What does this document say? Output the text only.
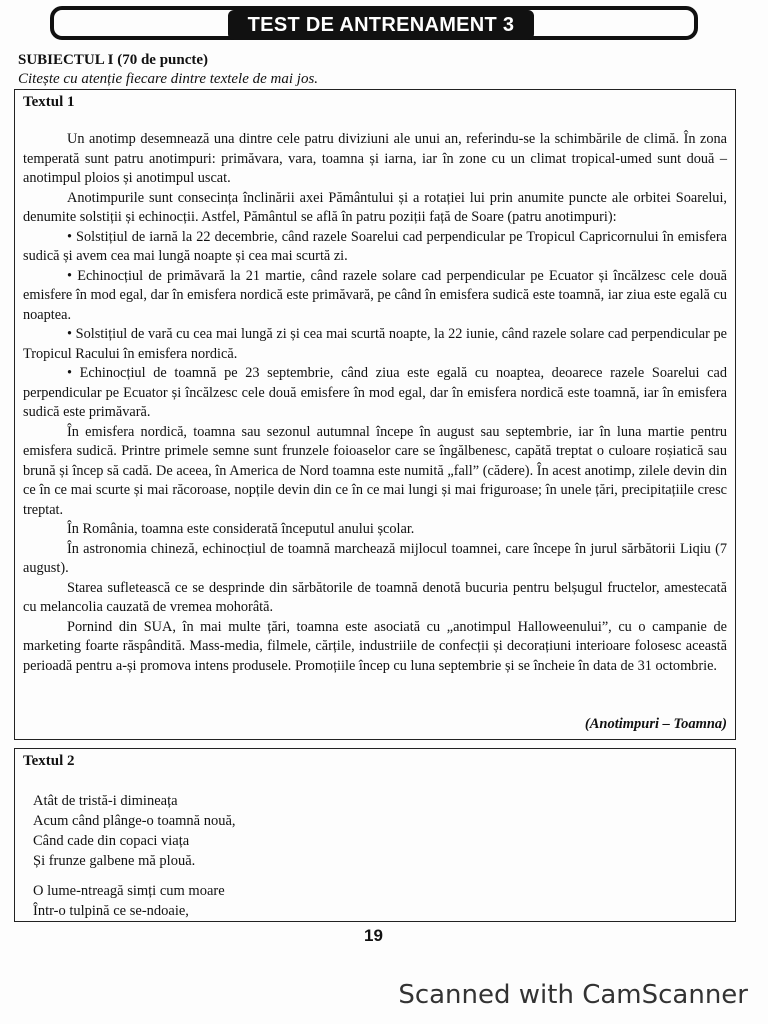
TEST DE ANTRENAMENT 3
SUBIECTUL I (70 de puncte)
Citește cu atenție fiecare dintre textele de mai jos.
Textul 1

Un anotimp desemnează una dintre cele patru diviziuni ale unui an, referindu-se la schimbările de climă. În zona temperată sunt patru anotimpuri: primăvara, vara, toamna și iarna, iar în zone cu un climat tropical-umed sunt două – anotimpul ploios și anotimpul uscat.

Anotimpurile sunt consecința înclinării axei Pământului și a rotației lui prin anumite puncte ale orbitei Soarelui, denumite solstiții și echinocții. Astfel, Pământul se află în patru poziții față de Soare (patru anotimpuri):

• Solstițiul de iarnă la 22 decembrie, când razele Soarelui cad perpendicular pe Tropicul Capricornului în emisfera sudică și avem cea mai lungă noapte și cea mai scurtă zi.

• Echinocțiul de primăvară la 21 martie, când razele solare cad perpendicular pe Ecuator și încălzesc cele două emisfere în mod egal, dar în emisfera nordică este primăvară, pe când în emisfera sudică este toamnă, iar ziua este egală cu noaptea.

• Solstițiul de vară cu cea mai lungă zi și cea mai scurtă noapte, la 22 iunie, când razele solare cad perpendicular pe Tropicul Racului în emisfera nordică.

• Echinocțiul de toamnă pe 23 septembrie, când ziua este egală cu noaptea, deoarece razele Soarelui cad perpendicular pe Ecuator și încălzesc cele două emisfere în mod egal, dar în emisfera nordică este toamnă, iar în emisfera sudică este primăvară.

În emisfera nordică, toamna sau sezonul autumnal începe în august sau septembrie, iar în luna martie pentru emisfera sudică. Printre primele semne sunt frunzele foioaselor care se îngălbenesc, capătă treptat o culoare roșiatică sau brună și încep să cadă. De aceea, în America de Nord toamna este numită „fall” (cădere). În acest anotimp, zilele devin din ce în ce mai scurte și mai răcoroase, nopțile devin din ce în ce mai lungi și mai friguroase; în unele țări, precipitațiile cresc treptat.

În România, toamna este considerată începutul anului școlar.

În astronomia chineză, echinocțiul de toamnă marchează mijlocul toamnei, care începe în jurul sărbătorii Liqiu (7 august).

Starea sufletească ce se desprinde din sărbătorile de toamnă denotă bucuria pentru belșugul fructelor, amestecată cu melancolia cauzată de vremea mohorâtă.

Pornind din SUA, în mai multe țări, toamna este asociată cu „anotimpul Halloweenului”, cu o campanie de marketing foarte răspândită. Mass-media, filmele, cărțile, industriile de confecții și decorațiuni interioare folosesc această perioadă pentru a-și promova intens produsele. Promoțiile încep cu luna septembrie și se încheie în data de 31 octombrie.

(Anotimpuri – Toamna)
Textul 2
Atât de tristă-i dimineața
Acum când plânge-o toamnă nouă,
Când cade din copaci viața
Și frunze galbene mă plouă.
O lume-ntreagă simți cum moare
Într-o tulpină ce se-ndoaie,
19
Scanned with CamScanner
